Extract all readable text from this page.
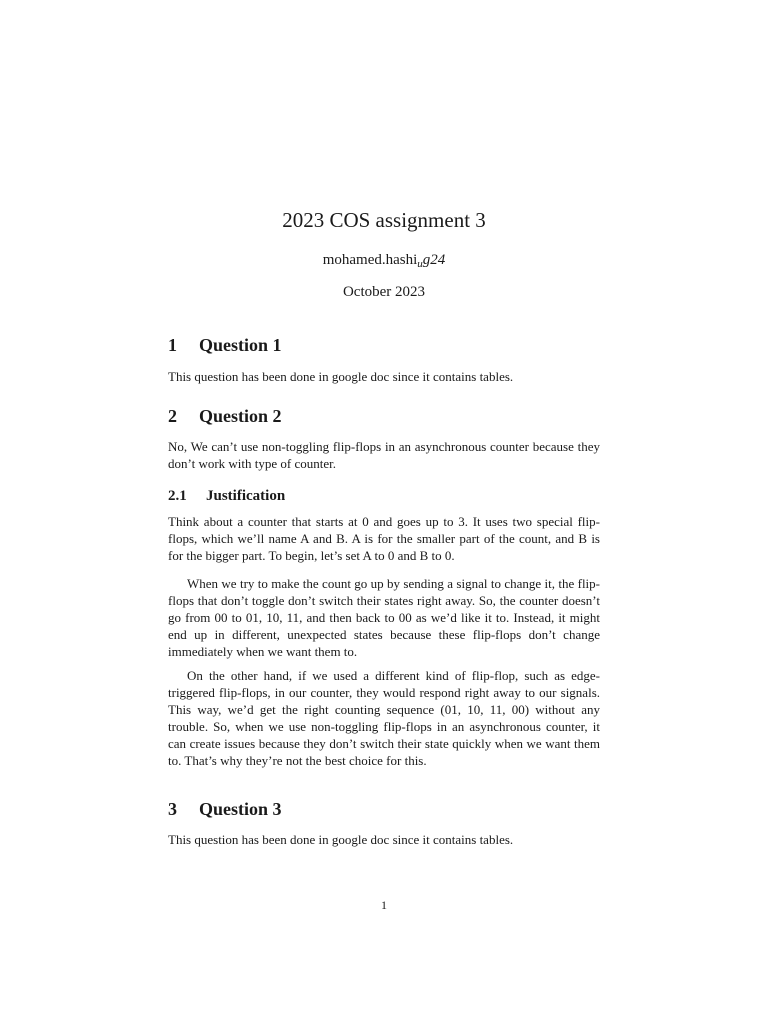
2023 COS assignment 3
mohamed.hashi$_u$g24
October 2023
1 Question 1
This question has been done in google doc since it contains tables.
2 Question 2
No, We can’t use non-toggling flip-flops in an asynchronous counter because they don’t work with type of counter.
2.1 Justification
Think about a counter that starts at 0 and goes up to 3. It uses two special flip-flops, which we’ll name A and B. A is for the smaller part of the count, and B is for the bigger part. To begin, let’s set A to 0 and B to 0.
When we try to make the count go up by sending a signal to change it, the flip-flops that don’t toggle don’t switch their states right away. So, the counter doesn’t go from 00 to 01, 10, 11, and then back to 00 as we’d like it to. Instead, it might end up in different, unexpected states because these flip-flops don’t change immediately when we want them to.
On the other hand, if we used a different kind of flip-flop, such as edge-triggered flip-flops, in our counter, they would respond right away to our signals. This way, we’d get the right counting sequence (01, 10, 11, 00) without any trouble. So, when we use non-toggling flip-flops in an asynchronous counter, it can create issues because they don’t switch their state quickly when we want them to. That’s why they’re not the best choice for this.
3 Question 3
This question has been done in google doc since it contains tables.
1
